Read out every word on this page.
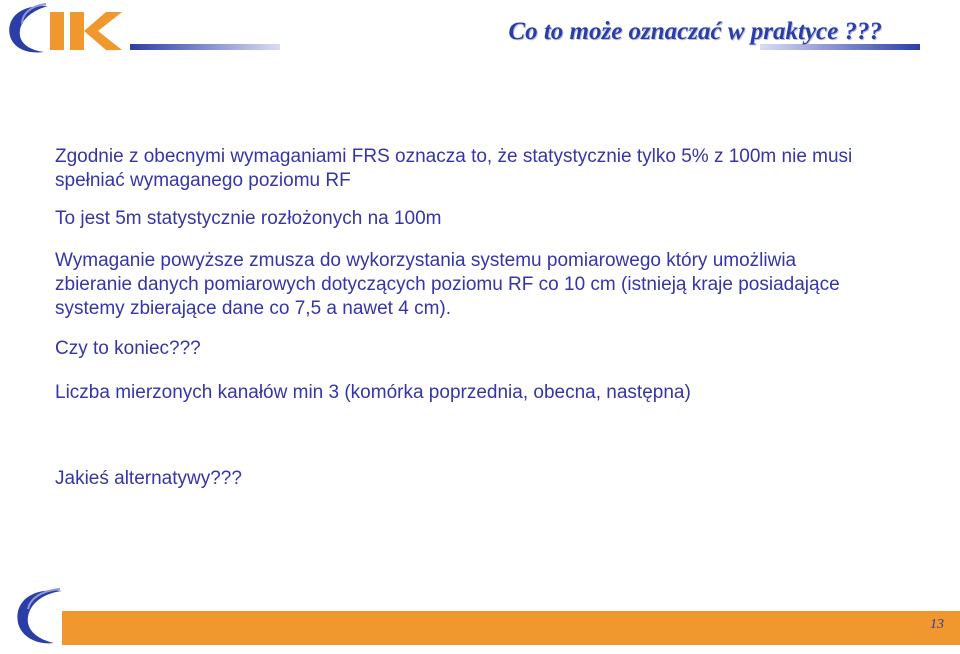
IK
Co to może oznaczać w praktyce ???

Zgodnie z obecnymi wymaganiami FRS oznacza to, że statystycznie tylko 5% z 100m nie musi spełniać wymaganego poziomu RF

To jest 5m statystycznie rozłożonych na 100m

Wymaganie powyższe zmusza do wykorzystania systemu pomiarowego który umożliwia zbieranie danych pomiarowych dotyczących poziomu RF co 10 cm (istnieją kraje posiadające systemy zbierające dane co 7,5 a nawet 4 cm).

Czy to koniec???

Liczba mierzonych kanałów min 3 (komórka poprzednia, obecna, następna)

Jakieś alternatywy???

13
